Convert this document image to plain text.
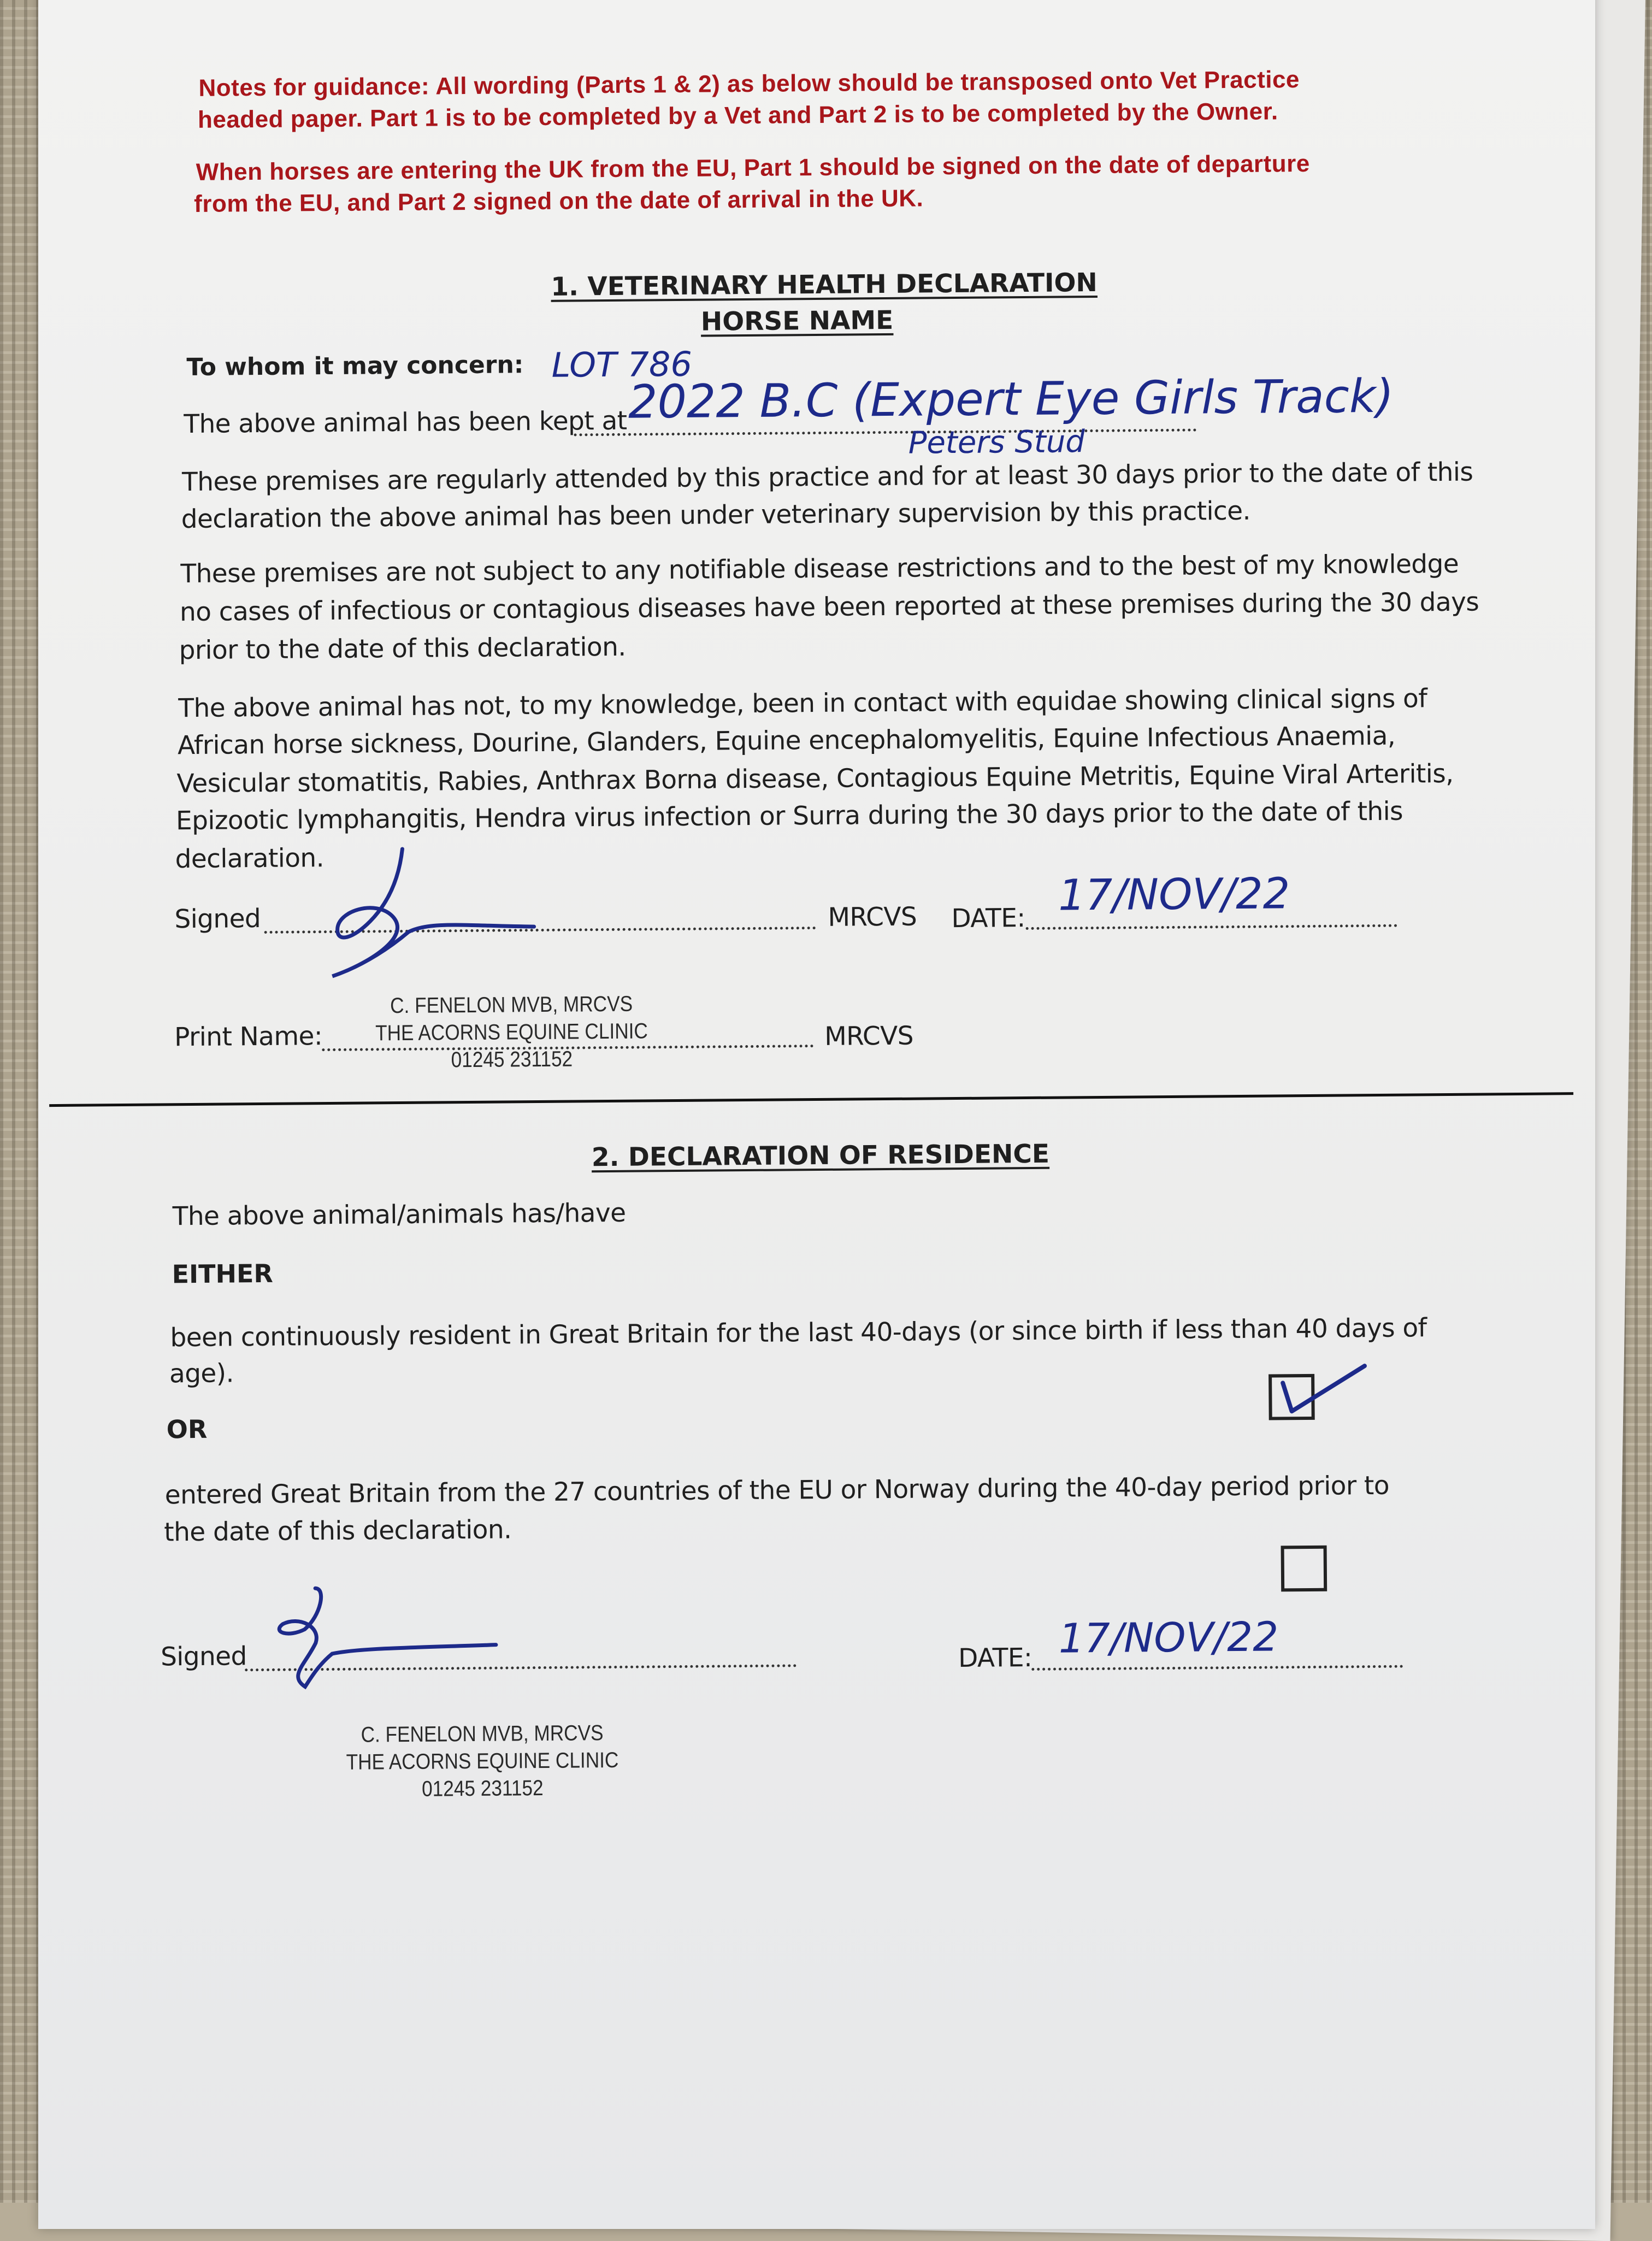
Notes for guidance: All wording (Parts 1 & 2) as below should be transposed onto Vet Practice
headed paper. Part 1 is to be completed by a Vet and Part 2 is to be completed by the Owner.
When horses are entering the UK from the EU, Part 1 should be signed on the date of departure
from the EU, and Part 2 signed on the date of arrival in the UK.
1. VETERINARY HEALTH DECLARATION
HORSE NAME
To whom it may concern: LOT 786
The above animal has been kept at 2022 B.C (Expert Eye Girls Track)
Peters Stud
These premises are regularly attended by this practice and for at least 30 days prior to the date of this
declaration the above animal has been under veterinary supervision by this practice.
These premises are not subject to any notifiable disease restrictions and to the best of my knowledge
no cases of infectious or contagious diseases have been reported at these premises during the 30 days
prior to the date of this declaration.
The above animal has not, to my knowledge, been in contact with equidae showing clinical signs of
African horse sickness, Dourine, Glanders, Equine encephalomyelitis, Equine Infectious Anaemia,
Vesicular stomatitis, Rabies, Anthrax Borna disease, Contagious Equine Metritis, Equine Viral Arteritis,
Epizootic lymphangitis, Hendra virus infection or Surra during the 30 days prior to the date of this
declaration.
Signed	MRCVS DATE: 17/NOV/22
C. FENELON MVB, MRCVS
THE ACORNS EQUINE CLINIC
01245 231152
Print Name:	MRCVS
2. DECLARATION OF RESIDENCE
The above animal/animals has/have
EITHER
been continuously resident in Great Britain for the last 40-days (or since birth if less than 40 days of
age).
OR
entered Great Britain from the 27 countries of the EU or Norway during the 40-day period prior to
the date of this declaration.
Signed	DATE: 17/NOV/22
C. FENELON MVB, MRCVS
THE ACORNS EQUINE CLINIC
01245 231152
